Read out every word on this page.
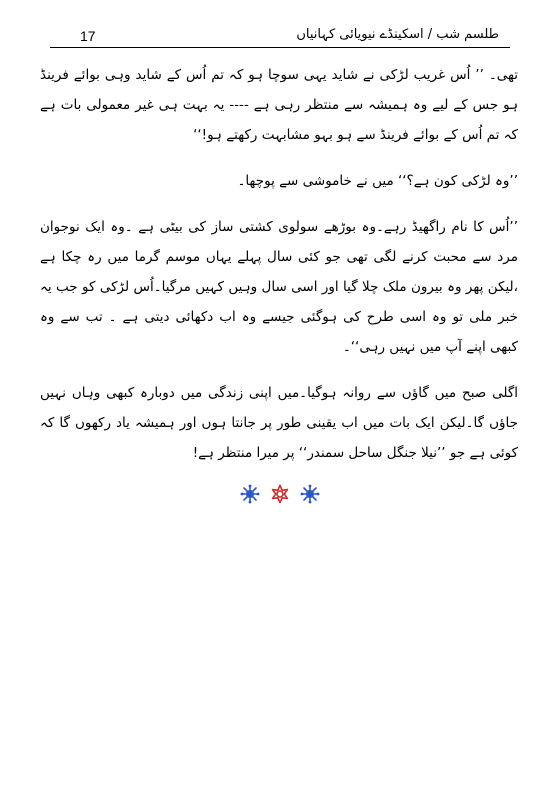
17	طلسم شب / اسکینڈے نیویائی کہانیاں

تھی۔ ’’ اُس غریب لڑکی نے شاید یہی سوچا ہو کہ تم اُس کے شاید وہی بوائے فرینڈ ہو جس کے لیے وہ ہمیشہ سے منتظر رہی ہے ---- یہ بہت ہی غیر معمولی بات ہے کہ تم اُس کے بوائے فرینڈ سے ہو بہو مشابہت رکھتے ہو!‘‘

’’وہ لڑکی کون ہے؟‘‘ میں نے خاموشی سے پوچھا۔

’’اُس کا نام راگھیڈ رہے۔وہ بوڑھے سولوی کشتی ساز کی بیٹی ہے ۔وہ ایک نوجوان مرد سے محبت کرنے لگی تھی جو کئی سال پہلے یہاں موسم گرما میں رہ چکا ہے ،لیکن پھر وہ بیرون ملک چلا گیا اور اسی سال وہیں کہیں مرگیا۔اُس لڑکی کو جب یہ خبر ملی تو وہ اسی طرح کی ہوگئی جیسے وہ اب دکھائی دیتی ہے ۔ تب سے وہ کبھی اپنے آپ میں نہیں رہی‘‘۔

اگلی صبح میں گاؤں سے روانہ ہوگیا۔میں اپنی زندگی میں دوبارہ کبھی وہاں نہیں جاؤں گا۔لیکن ایک بات میں اب یقینی طور پر جانتا ہوں اور ہمیشہ یاد رکھوں گا کہ کوئی ہے جو ’’نیلا جنگل ساحل سمندر‘‘ پر میرا منتظر ہے!
